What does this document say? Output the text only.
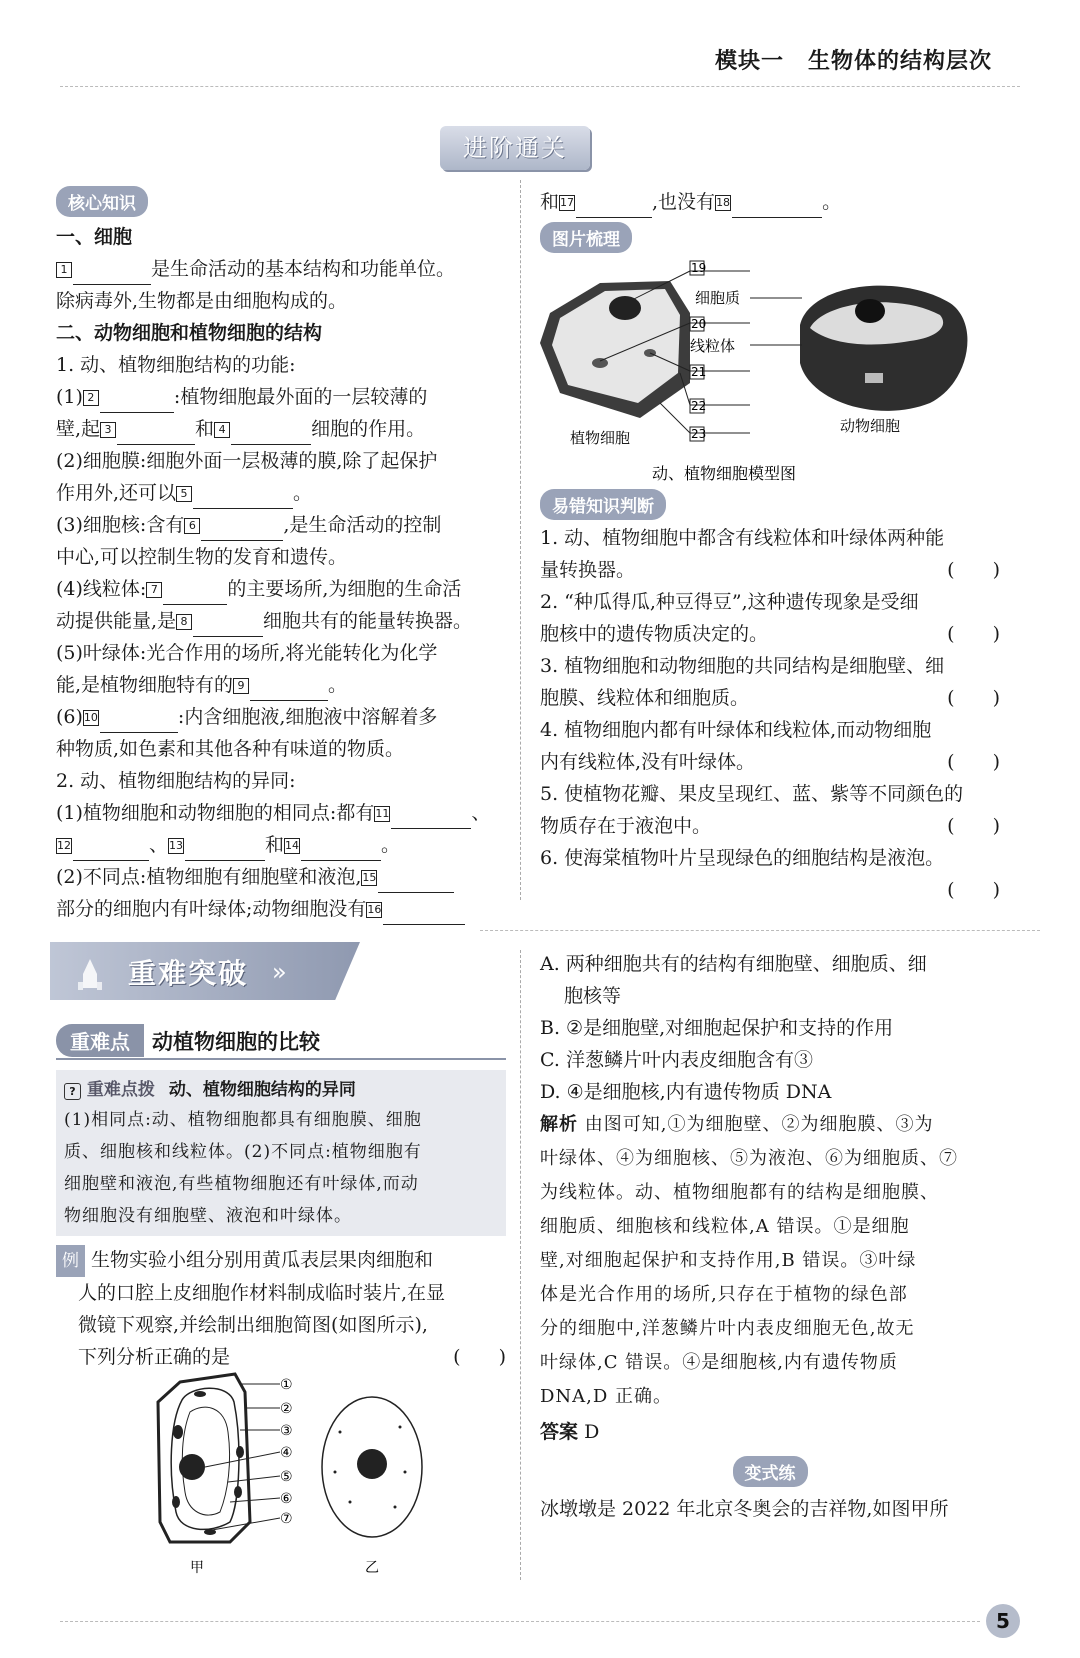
模块一 生物体的结构层次
进阶通关
核心知识

一、细胞

1	是生命活动的基本结构和功能单位。

除病毒外,生物都是由细胞构成的。

二、动物细胞和植物细胞的结构

1. 动、植物细胞结构的功能:

(1) 2	:植物细胞最外面的一层较薄的

壁,起 3	和 4	细胞的作用。

(2)细胞膜:细胞外面一层极薄的膜,除了起保护

作用外,还可以 5	。

(3)细胞核:含有 6	,是生命活动的控制

中心,可以控制生物的发育和遗传。

(4)线粒体: 7	的主要场所,为细胞的生命活

动提供能量,是 8	细胞共有的能量转换器。

(5)叶绿体:光合作用的场所,将光能转化为化学

能,是植物细胞特有的 9	。

(6)10	:内含细胞液,细胞液中溶解着多

种物质,如色素和其他各种有味道的物质。

2. 动、植物细胞结构的异同:

(1)植物细胞和动物细胞的相同点:都有11	、

12	、13	和14	。

(2)不同点:植物细胞有细胞壁和液泡,15

部分的细胞内有叶绿体;动物细胞没有16

和17	,也没有18	。

图片梳理
19
细胞质
20
线粒体
21
22
23
植物细胞
动物细胞
动、植物细胞模型图
易错知识判断

1. 动、植物细胞中都含有线粒体和叶绿体两种能

量转换器。	(　　)

2. “种瓜得瓜,种豆得豆”,这种遗传现象是受细

胞核中的遗传物质决定的。	(　　)

3. 植物细胞和动物细胞的共同结构是细胞壁、细

胞膜、线粒体和细胞质。	(　　)

4. 植物细胞内都有叶绿体和线粒体,而动物细胞

内有线粒体,没有叶绿体。	(　　)

5. 使植物花瓣、果皮呈现红、蓝、紫等不同颜色的

物质存在于液泡中。	(　　)

6. 使海棠植物叶片呈现绿色的细胞结构是液泡。

(　　)

重难突破 »
重难点 动植物细胞的比较
? 重难点拨 动、植物细胞结构的异同
(1)相同点:动、植物细胞都具有细胞膜、细胞
质、细胞核和线粒体。(2)不同点:植物细胞有
细胞壁和液泡,有些植物细胞还有叶绿体,而动
物细胞没有细胞壁、液泡和叶绿体。

例 生物实验小组分别用黄瓜表层果肉细胞和

人的口腔上皮细胞作材料制成临时装片,在显

微镜下观察,并绘制出细胞简图(如图所示),

下列分析正确的是	(　　)

①
②
③
④
⑤
⑥
⑦
甲	乙

A. 两种细胞共有的结构有细胞壁、细胞质、细

胞核等

B. ②是细胞壁,对细胞起保护和支持的作用

C. 洋葱鳞片叶内表皮细胞含有③

D. ④是细胞核,内有遗传物质 DNA

解析 由图可知,①为细胞壁、②为细胞膜、③为
叶绿体、④为细胞核、⑤为液泡、⑥为细胞质、⑦
为线粒体。动、植物细胞都有的结构是细胞膜、
细胞质、细胞核和线粒体,A 错误。①是细胞
壁,对细胞起保护和支持作用,B 错误。③叶绿
体是光合作用的场所,只存在于植物的绿色部
分的细胞中,洋葱鳞片叶内表皮细胞无色,故无
叶绿体,C 错误。④是细胞核,内有遗传物质
DNA,D 正确。

答案 D

变式练

冰墩墩是 2022 年北京冬奥会的吉祥物,如图甲所

5
